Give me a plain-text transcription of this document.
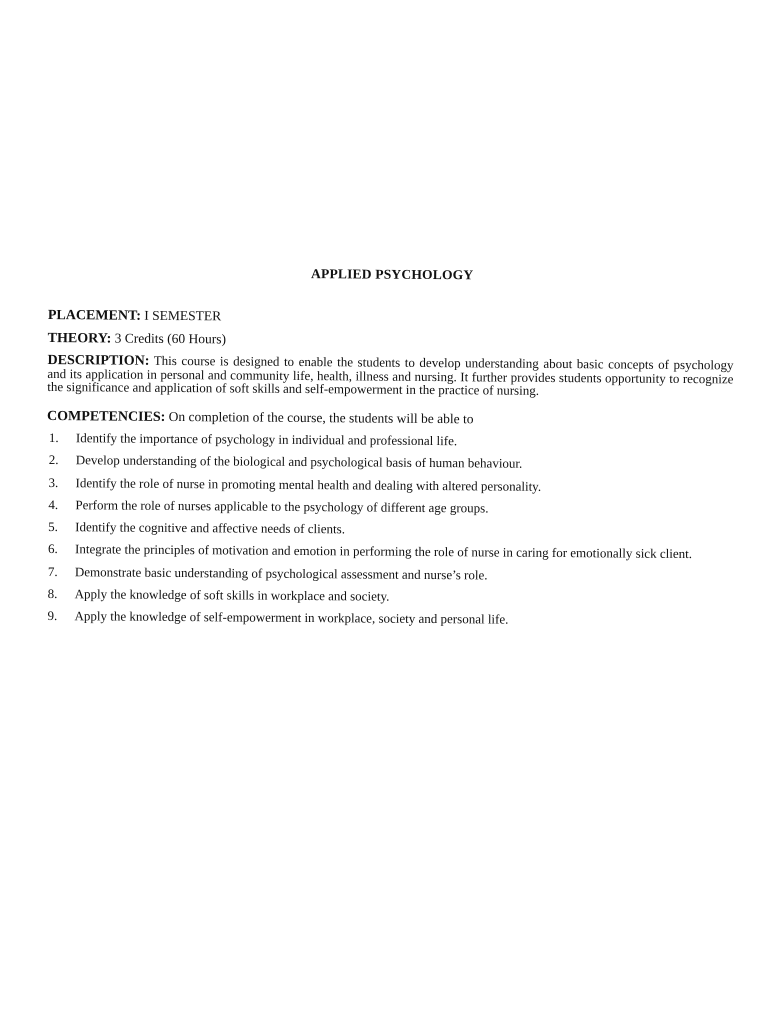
APPLIED PSYCHOLOGY
PLACEMENT: I SEMESTER
THEORY: 3 Credits (60 Hours)
DESCRIPTION: This course is designed to enable the students to develop understanding about basic concepts of psychology and its application in personal and community life, health, illness and nursing. It further provides students opportunity to recognize the significance and application of soft skills and self-empowerment in the practice of nursing.
COMPETENCIES: On completion of the course, the students will be able to
1. Identify the importance of psychology in individual and professional life.
2. Develop understanding of the biological and psychological basis of human behaviour.
3. Identify the role of nurse in promoting mental health and dealing with altered personality.
4. Perform the role of nurses applicable to the psychology of different age groups.
5. Identify the cognitive and affective needs of clients.
6. Integrate the principles of motivation and emotion in performing the role of nurse in caring for emotionally sick client.
7. Demonstrate basic understanding of psychological assessment and nurse’s role.
8. Apply the knowledge of soft skills in workplace and society.
9. Apply the knowledge of self-empowerment in workplace, society and personal life.
